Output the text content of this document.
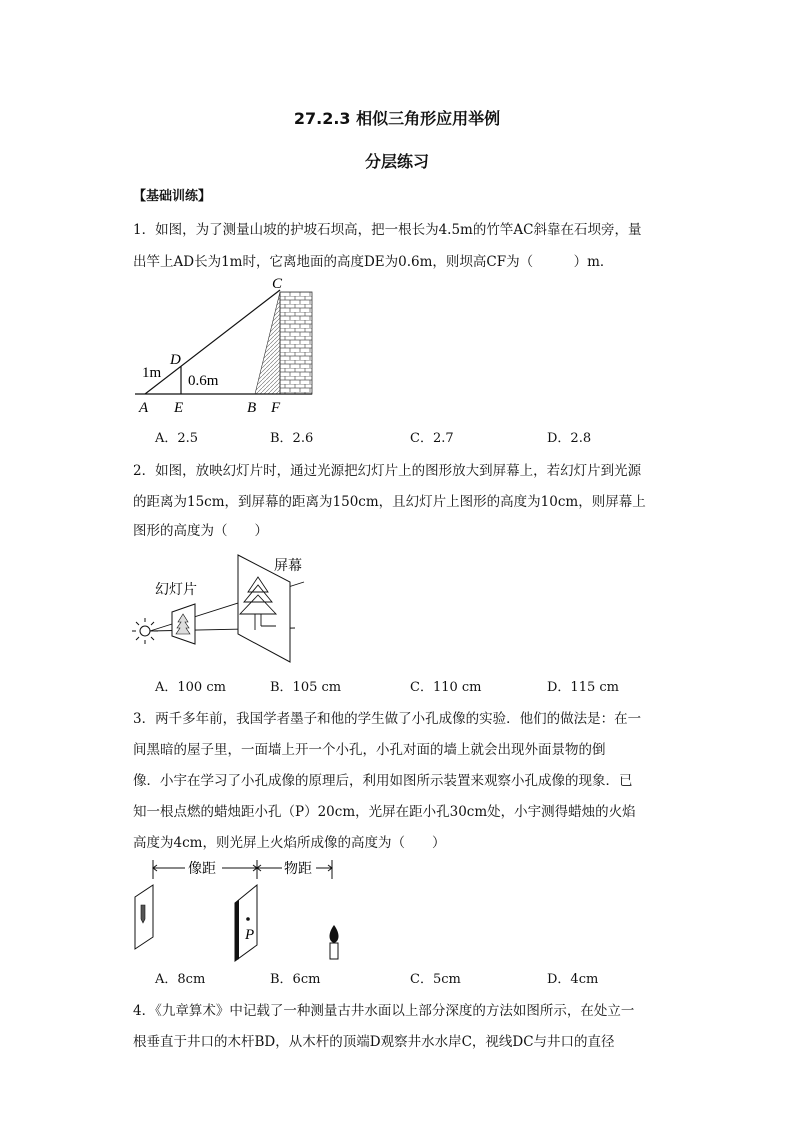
27.2.3 相似三角形应用举例
分层练习
【基础训练】
1．如图，为了测量山坡的护坡石坝高，把一根长为4.5m的竹竿AC斜靠在石坝旁，量
出竿上AD长为1m时，它离地面的高度DE为0.6m，则坝高CF为（　　　）m．
C
D
1m 0.6m
A E	B F
A．2.5	B．2.6	C．2.7	D．2.8
2．如图，放映幻灯片时，通过光源把幻灯片上的图形放大到屏幕上，若幻灯片到光源
的距离为15cm，到屏幕的距离为150cm，且幻灯片上图形的高度为10cm，则屏幕上
图形的高度为（　　）
幻灯片
屏幕
A．100 cm	B．105 cm	C．110 cm	D．115 cm
3．两千多年前，我国学者墨子和他的学生做了小孔成像的实验．他们的做法是：在一
间黑暗的屋子里，一面墙上开一个小孔，小孔对面的墙上就会出现外面景物的倒
像．小宇在学习了小孔成像的原理后，利用如图所示装置来观察小孔成像的现象．已
知一根点燃的蜡烛距小孔（P）20cm，光屏在距小孔30cm处，小宇测得蜡烛的火焰
高度为4cm，则光屏上火焰所成像的高度为（　　）
像距	物距
P
A．8cm	B．6cm	C．5cm	D．4cm
4．《九章算术》中记载了一种测量古井水面以上部分深度的方法如图所示，在处立一
根垂直于井口的木杆BD，从木杆的顶端D观察井水水岸C，视线DC与井口的直径
